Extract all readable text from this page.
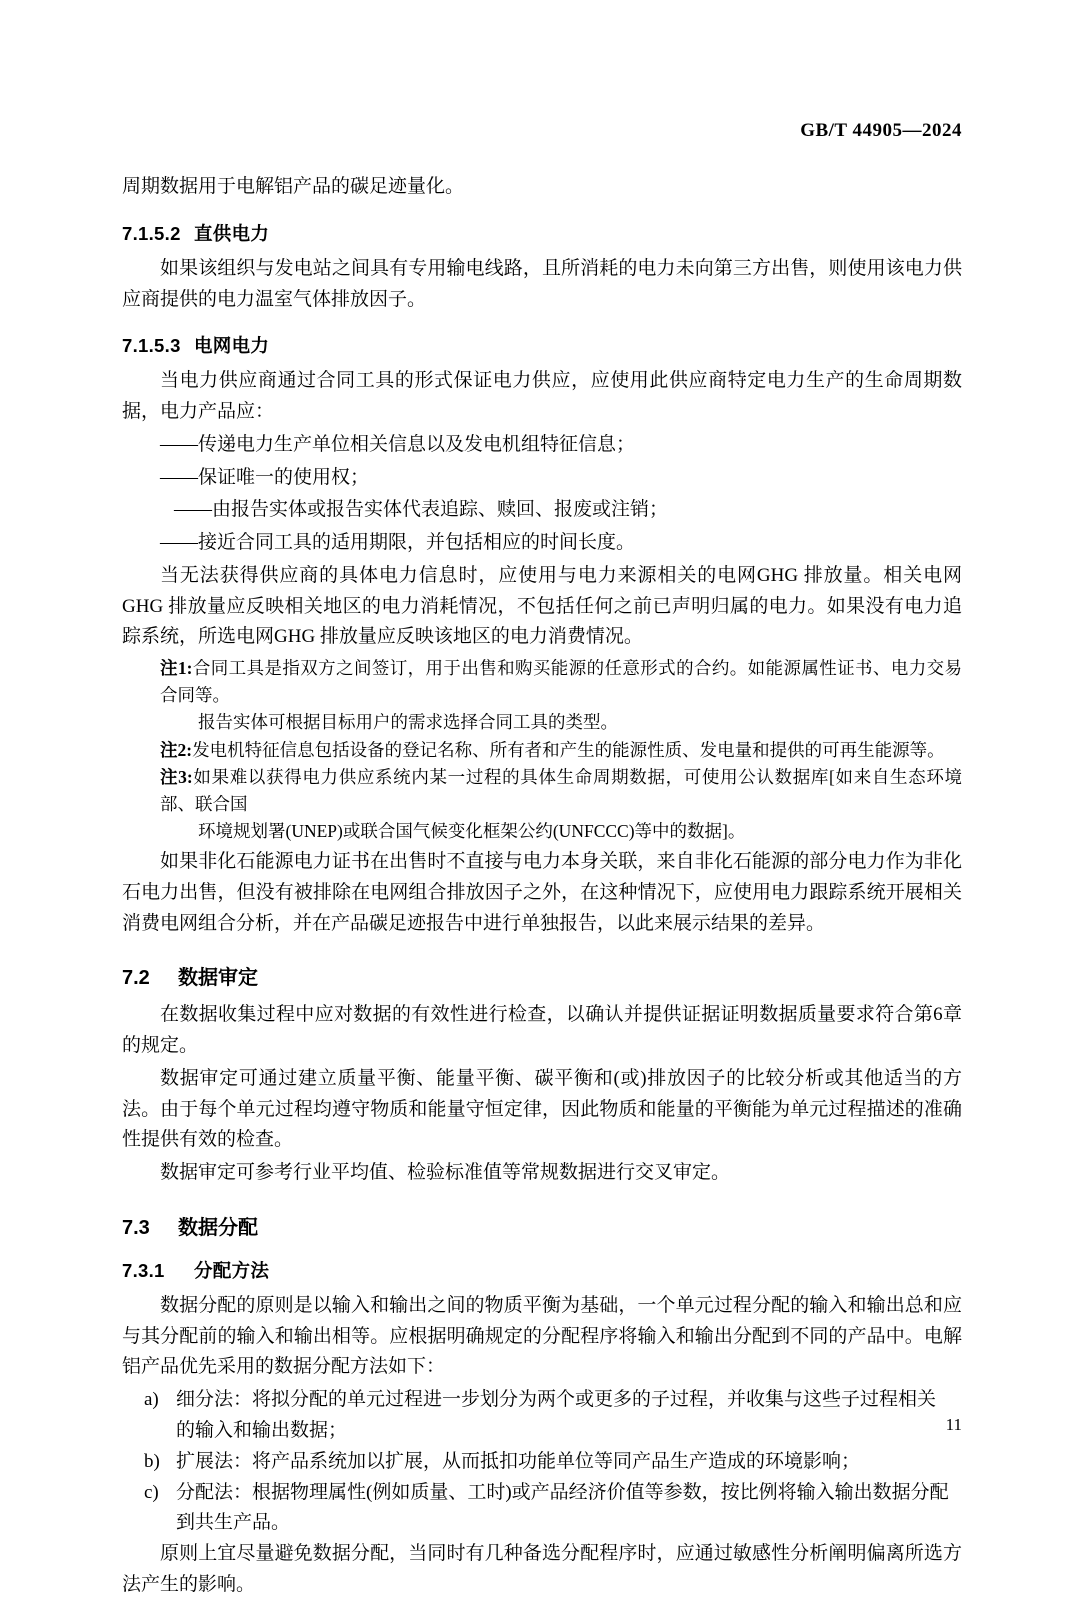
GB/T 44905—2024

周期数据用于电解铝产品的碳足迹量化。

7.1.5.2 直供电力

如果该组织与发电站之间具有专用输电线路，且所消耗的电力未向第三方出售，则使用该电力供应商提供的电力温室气体排放因子。

7.1.5.3 电网电力

当电力供应商通过合同工具的形式保证电力供应，应使用此供应商特定电力生产的生命周期数据，电力产品应：

——传递电力生产单位相关信息以及发电机组特征信息；

——保证唯一的使用权；

——由报告实体或报告实体代表追踪、赎回、报废或注销；

——接近合同工具的适用期限，并包括相应的时间长度。

当无法获得供应商的具体电力信息时，应使用与电力来源相关的电网GHG 排放量。相关电网GHG 排放量应反映相关地区的电力消耗情况，不包括任何之前已声明归属的电力。如果没有电力追踪系统，所选电网GHG 排放量应反映该地区的电力消费情况。

注1:合同工具是指双方之间签订，用于出售和购买能源的任意形式的合约。如能源属性证书、电力交易合同等。

报告实体可根据目标用户的需求选择合同工具的类型。

注2:发电机特征信息包括设备的登记名称、所有者和产生的能源性质、发电量和提供的可再生能源等。

注3:如果难以获得电力供应系统内某一过程的具体生命周期数据，可使用公认数据库[如来自生态环境部、联合国

环境规划署(UNEP)或联合国气候变化框架公约(UNFCCC)等中的数据]。

如果非化石能源电力证书在出售时不直接与电力本身关联，来自非化石能源的部分电力作为非化石电力出售，但没有被排除在电网组合排放因子之外，在这种情况下，应使用电力跟踪系统开展相关消费电网组合分析，并在产品碳足迹报告中进行单独报告，以此来展示结果的差异。

7.2 数据审定

在数据收集过程中应对数据的有效性进行检查，以确认并提供证据证明数据质量要求符合第6章的规定。

数据审定可通过建立质量平衡、能量平衡、碳平衡和(或)排放因子的比较分析或其他适当的方法。由于每个单元过程均遵守物质和能量守恒定律，因此物质和能量的平衡能为单元过程描述的准确性提供有效的检查。

数据审定可参考行业平均值、检验标准值等常规数据进行交叉审定。

7.3 数据分配
7.3.1 分配方法

数据分配的原则是以输入和输出之间的物质平衡为基础，一个单元过程分配的输入和输出总和应与其分配前的输入和输出相等。应根据明确规定的分配程序将输入和输出分配到不同的产品中。电解铝产品优先采用的数据分配方法如下：

a) 细分法：将拟分配的单元过程进一步划分为两个或更多的子过程，并收集与这些子过程相关
的输入和输出数据；
b) 扩展法：将产品系统加以扩展，从而抵扣功能单位等同产品生产造成的环境影响；
c) 分配法：根据物理属性(例如质量、工时)或产品经济价值等参数，按比例将输入输出数据分配
到共生产品。

原则上宜尽量避免数据分配，当同时有几种备选分配程序时，应通过敏感性分析阐明偏离所选方法产生的影响。

11
